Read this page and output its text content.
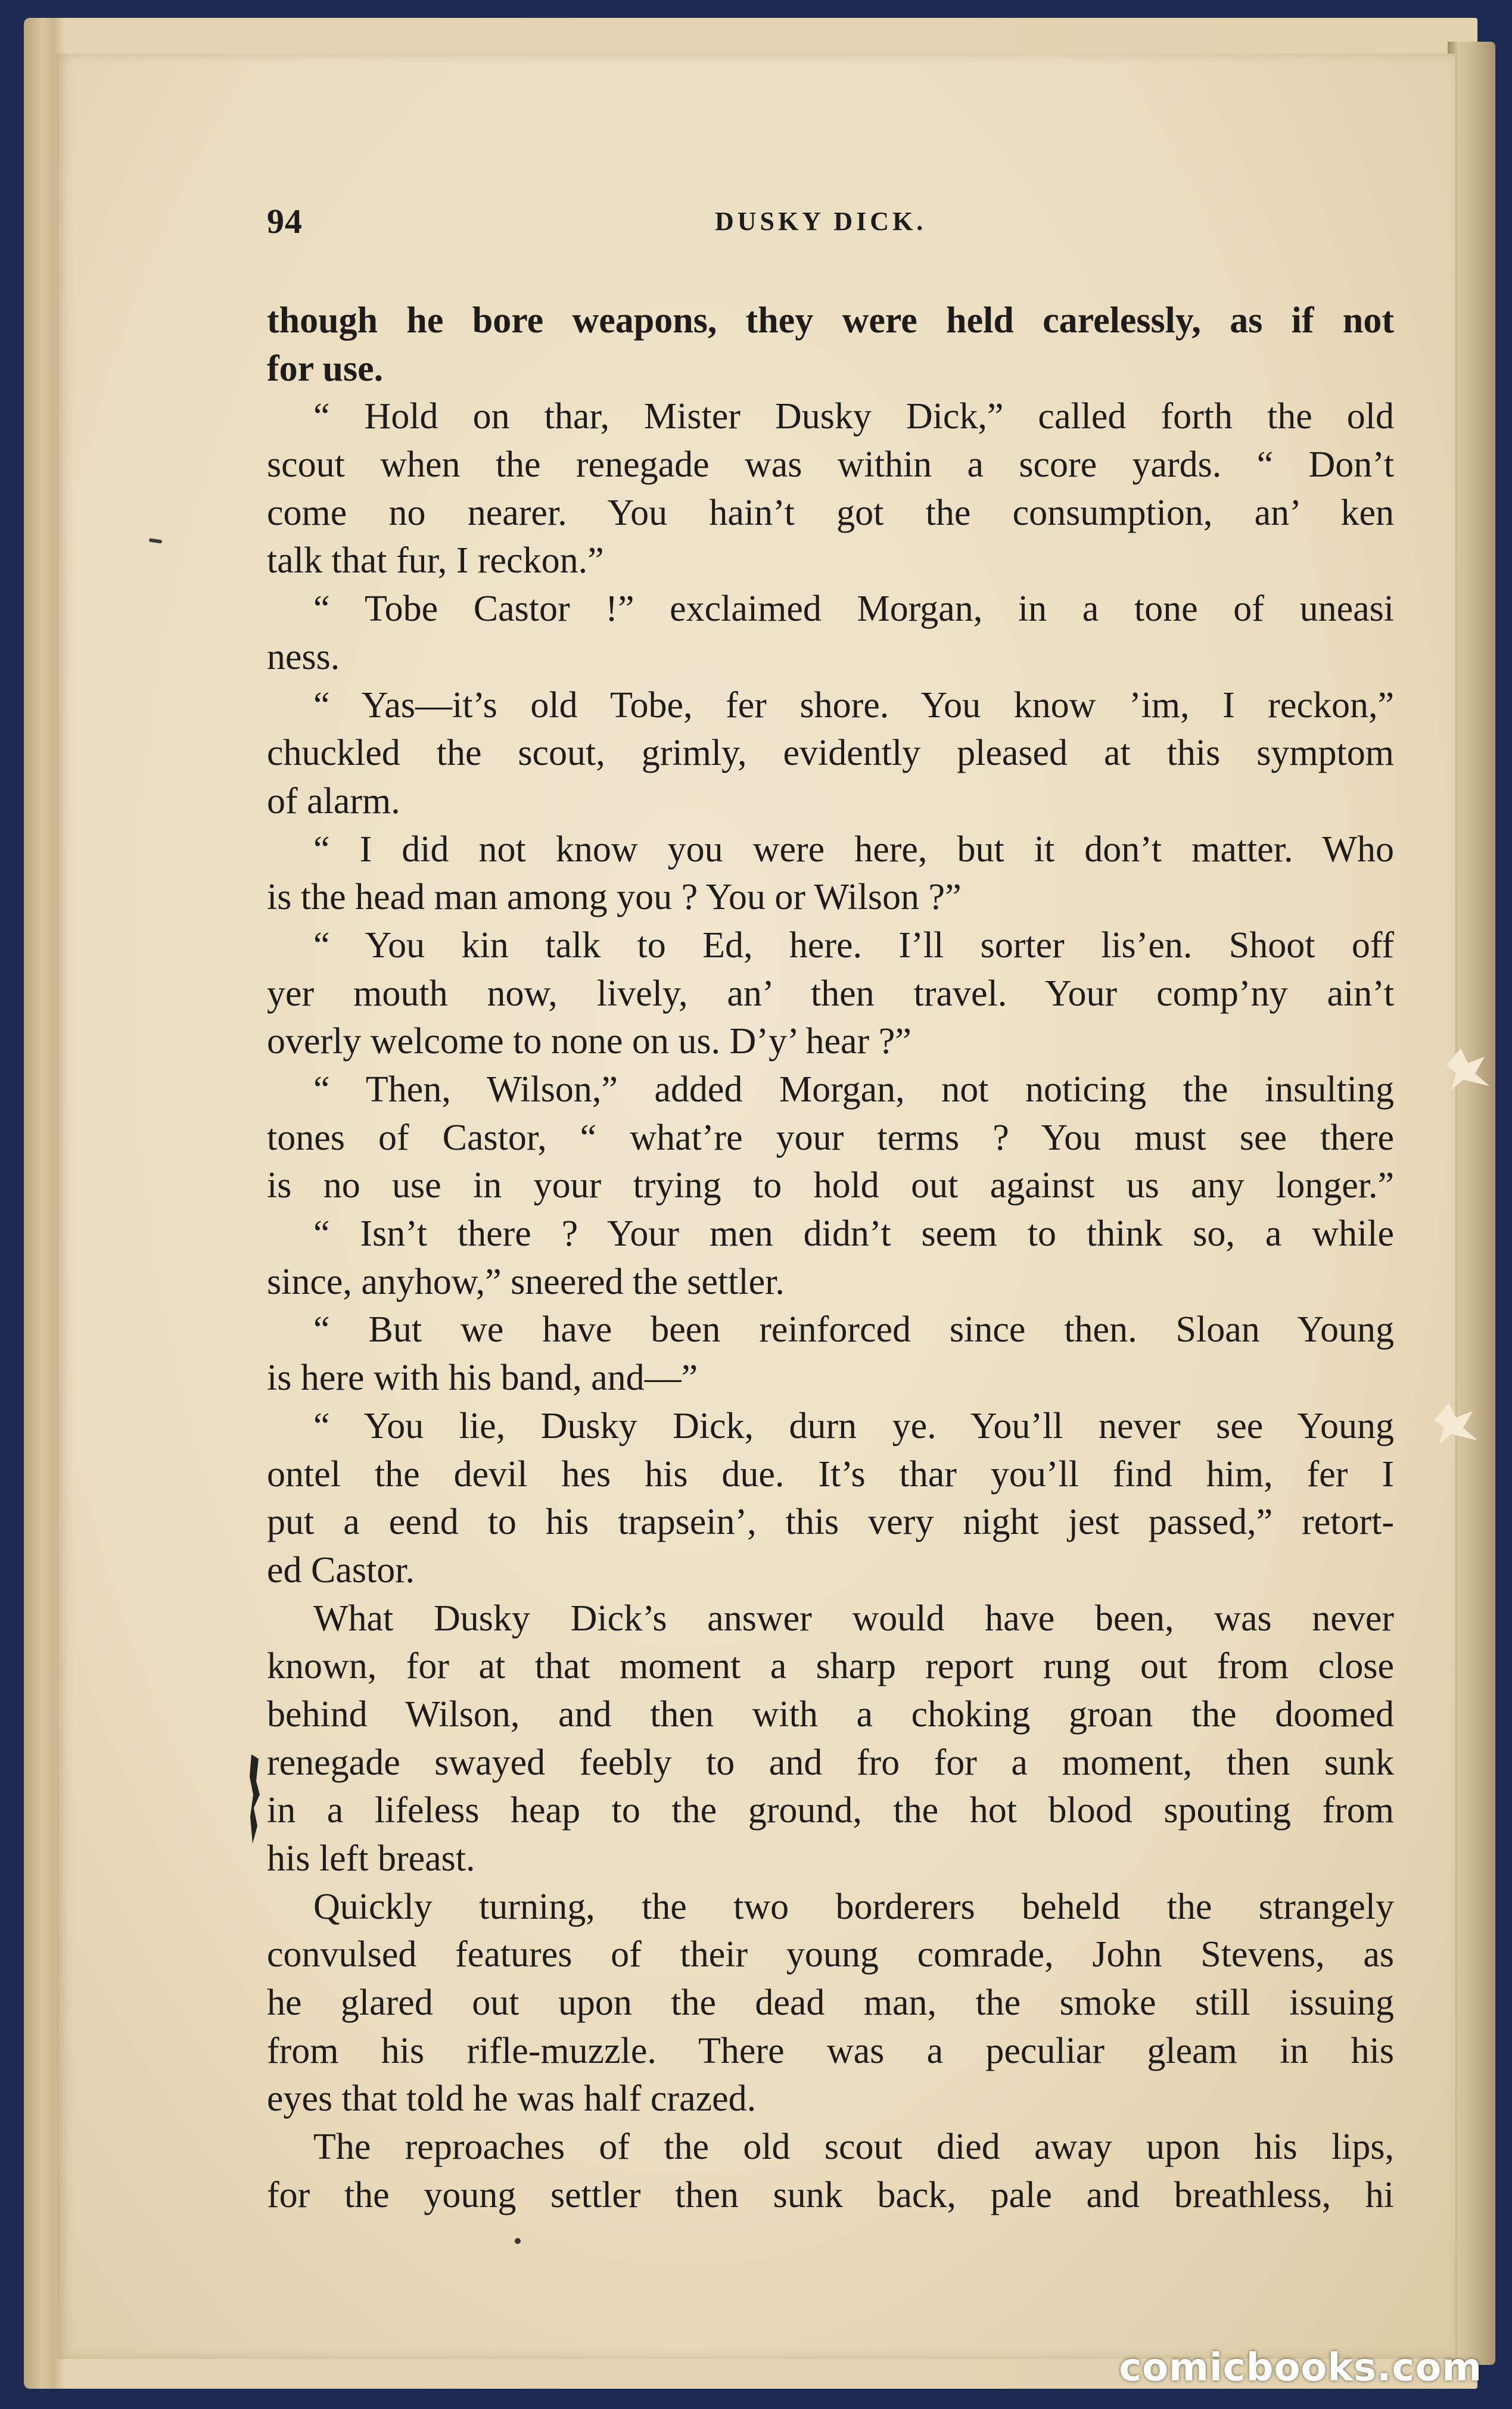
94	DUSKY DICK.
though he bore weapons, they were held carelessly, as if not
for use.
“ Hold on thar, Mister Dusky Dick,” called forth the old
scout when the renegade was within a score yards. “ Don’t
come no nearer. You hain’t got the consumption, an’ ken
talk that fur, I reckon.”
“ Tobe Castor !” exclaimed Morgan, in a tone of uneasi
ness.
“ Yas—it’s old Tobe, fer shore. You know ’im, I reckon,”
chuckled the scout, grimly, evidently pleased at this symptom
of alarm.
“ I did not know you were here, but it don’t matter. Who
is the head man among you ? You or Wilson ?”
“ You kin talk to Ed, here. I’ll sorter lis’en. Shoot off
yer mouth now, lively, an’ then travel. Your comp’ny ain’t
overly welcome to none on us. D’y’ hear ?”
“ Then, Wilson,” added Morgan, not noticing the insulting
tones of Castor, “ what’re your terms ? You must see there
is no use in your trying to hold out against us any longer.”
“ Isn’t there ? Your men didn’t seem to think so, a while
since, anyhow,” sneered the settler.
“ But we have been reinforced since then. Sloan Young
is here with his band, and—”
“ You lie, Dusky Dick, durn ye. You’ll never see Young
ontel the devil hes his due. It’s thar you’ll find him, fer I
put a eend to his trapsein’, this very night jest passed,” retort-
ed Castor.
What Dusky Dick’s answer would have been, was never
known, for at that moment a sharp report rung out from close
behind Wilson, and then with a choking groan the doomed
renegade swayed feebly to and fro for a moment, then sunk
in a lifeless heap to the ground, the hot blood spouting from
his left breast.
Quickly turning, the two borderers beheld the strangely
convulsed features of their young comrade, John Stevens, as
he glared out upon the dead man, the smoke still issuing
from his rifle-muzzle. There was a peculiar gleam in his
eyes that told he was half crazed.
The reproaches of the old scout died away upon his lips,
for the young settler then sunk back, pale and breathless, hi
comicbooks.com
